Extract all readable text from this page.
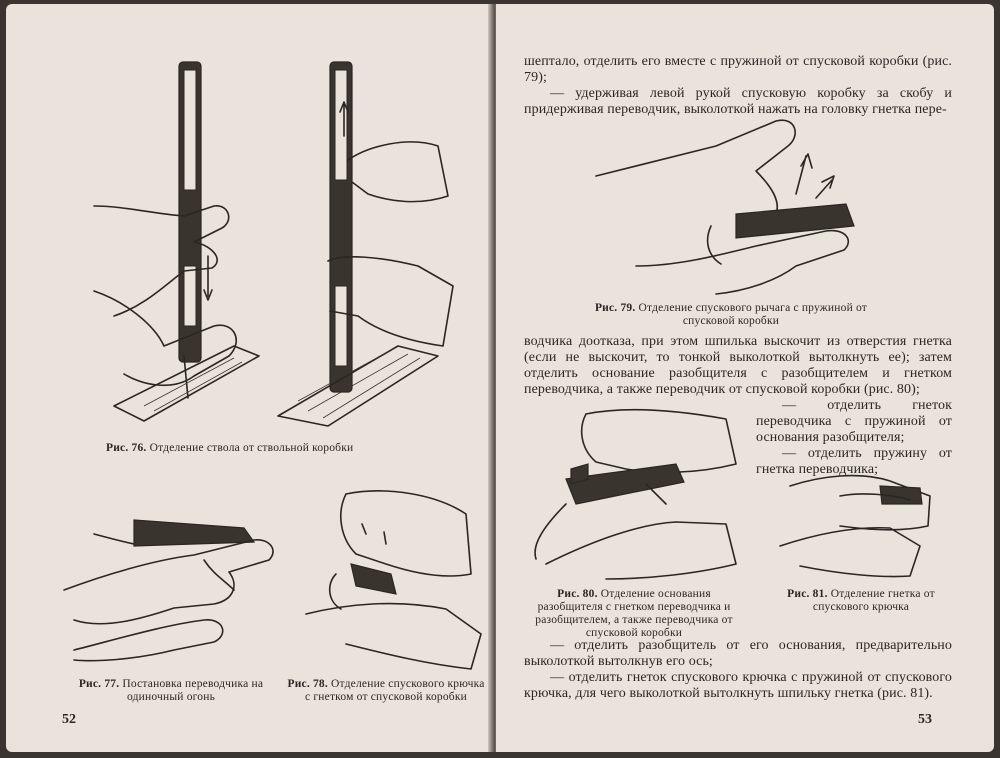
Рис. 76. Отделение ствола от ствольной коробки
Рис. 77. Постановка переводчика на одиночный огонь
Рис. 78. Отделение спускового крючка с гнетком от спусковой коробки
52

шептало, отделить его вместе с пружиной от спусковой коробки (рис. 79);

— удерживая левой рукой спусковую коробку за скобу и придерживая переводчик, выколоткой нажать на головку гнетка пере-

Рис. 79. Отделение спускового рычага с пружиной от спусковой коробки

водчика доотказа, при этом шпилька выскочит из отверстия гнетка (если не выскочит, то тонкой выколоткой вытолкнуть ее); затем отделить основание разобщителя с разобщителем и гнетком переводчика, а также переводчик от спусковой коробки (рис. 80);

— отделить гнеток переводчика с пружиной от основания разобщителя;

— отделить пружину от гнетка переводчика;

Рис. 80. Отделение основания разобщителя с гнетком переводчика и разобщителем, а также переводчика от спусковой коробки
Рис. 81. Отделение гнетка от спускового крючка

— отделить разобщитель от его основания, предварительно выколоткой вытолкнув его ось;

— отделить гнеток спускового крючка с пружиной от спускового крючка, для чего выколоткой вытолкнуть шпильку гнетка (рис. 81).

53
